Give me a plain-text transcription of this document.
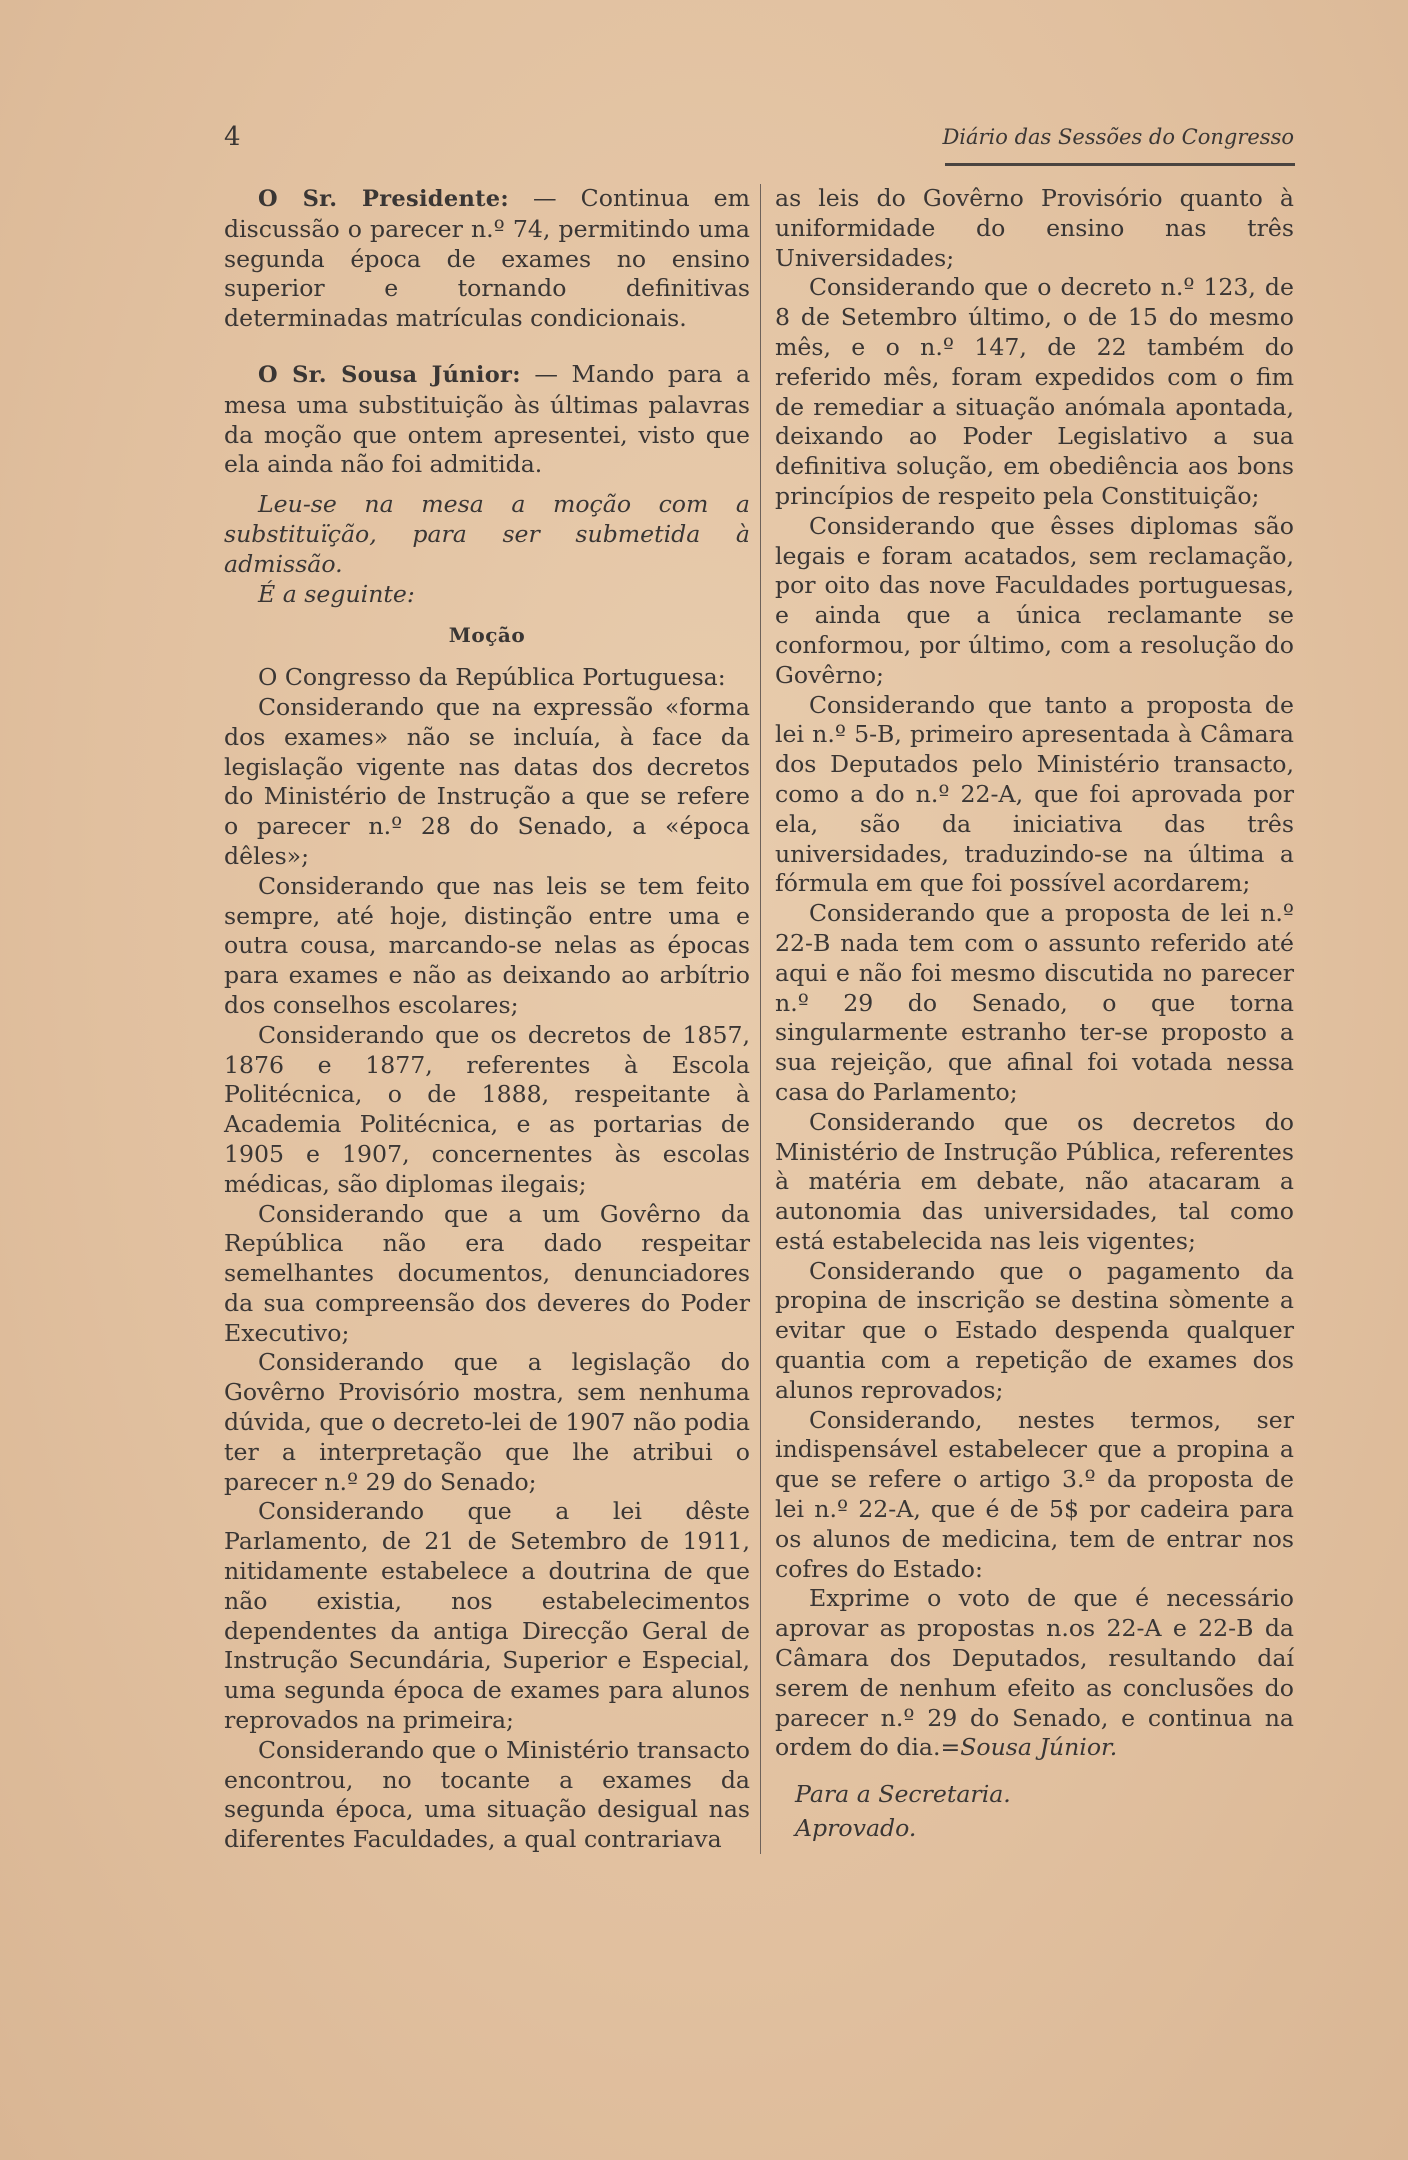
4	Diário das Sessões do Congresso

O Sr. Presidente: — Continua em discussão o parecer n.º 74, permitindo uma segunda época de exames no ensino superior e tornando definitivas determinadas matrículas condicionais.

O Sr. Sousa Júnior: — Mando para a mesa uma substituição às últimas palavras da moção que ontem apresentei, visto que ela ainda não foi admitida.

Leu-se na mesa a moção com a substituïção, para ser submetida à admissão.

É a seguinte:

Moção

O Congresso da República Portuguesa:

Considerando que na expressão «forma dos exames» não se incluía, à face da legislação vigente nas datas dos decretos do Ministério de Instrução a que se refere o parecer n.º 28 do Senado, a «época dêles»;

Considerando que nas leis se tem feito sempre, até hoje, distinção entre uma e outra cousa, marcando-se nelas as épocas para exames e não as deixando ao arbítrio dos conselhos escolares;

Considerando que os decretos de 1857, 1876 e 1877, referentes à Escola Politécnica, o de 1888, respeitante à Academia Politécnica, e as portarias de 1905 e 1907, concernentes às escolas médicas, são diplomas ilegais;

Considerando que a um Govêrno da República não era dado respeitar semelhantes documentos, denunciadores da sua compreensão dos deveres do Poder Executivo;

Considerando que a legislação do Govêrno Provisório mostra, sem nenhuma dúvida, que o decreto-lei de 1907 não podia ter a interpretação que lhe atribui o parecer n.º 29 do Senado;

Considerando que a lei dêste Parlamento, de 21 de Setembro de 1911, nitidamente estabelece a doutrina de que não existia, nos estabelecimentos dependentes da antiga Direcção Geral de Instrução Secundária, Superior e Especial, uma segunda época de exames para alunos reprovados na primeira;

Considerando que o Ministério transacto encontrou, no tocante a exames da segunda época, uma situação desigual nas diferentes Faculdades, a qual contrariava

as leis do Govêrno Provisório quanto à uniformidade do ensino nas três Universidades;

Considerando que o decreto n.º 123, de 8 de Setembro último, o de 15 do mesmo mês, e o n.º 147, de 22 também do referido mês, foram expedidos com o fim de remediar a situação anómala apontada, deixando ao Poder Legislativo a sua definitiva solução, em obediência aos bons princípios de respeito pela Constituição;

Considerando que êsses diplomas são legais e foram acatados, sem reclamação, por oito das nove Faculdades portuguesas, e ainda que a única reclamante se conformou, por último, com a resolução do Govêrno;

Considerando que tanto a proposta de lei n.º 5-B, primeiro apresentada à Câmara dos Deputados pelo Ministério transacto, como a do n.º 22-A, que foi aprovada por ela, são da iniciativa das três universidades, traduzindo-se na última a fórmula em que foi possível acordarem;

Considerando que a proposta de lei n.º 22-B nada tem com o assunto referido até aqui e não foi mesmo discutida no parecer n.º 29 do Senado, o que torna singularmente estranho ter-se proposto a sua rejeição, que afinal foi votada nessa casa do Parlamento;

Considerando que os decretos do Ministério de Instrução Pública, referentes à matéria em debate, não atacaram a autonomia das universidades, tal como está estabelecida nas leis vigentes;

Considerando que o pagamento da propina de inscrição se destina sòmente a evitar que o Estado despenda qualquer quantia com a repetição de exames dos alunos reprovados;

Considerando, nestes termos, ser indispensável estabelecer que a propina a que se refere o artigo 3.º da proposta de lei n.º 22-A, que é de 5$ por cadeira para os alunos de medicina, tem de entrar nos cofres do Estado:

Exprime o voto de que é necessário aprovar as propostas n.os 22-A e 22-B da Câmara dos Deputados, resultando daí serem de nenhum efeito as conclusões do parecer n.º 29 do Senado, e continua na ordem do dia.=Sousa Júnior.

Para a Secretaria.

Aprovado.
